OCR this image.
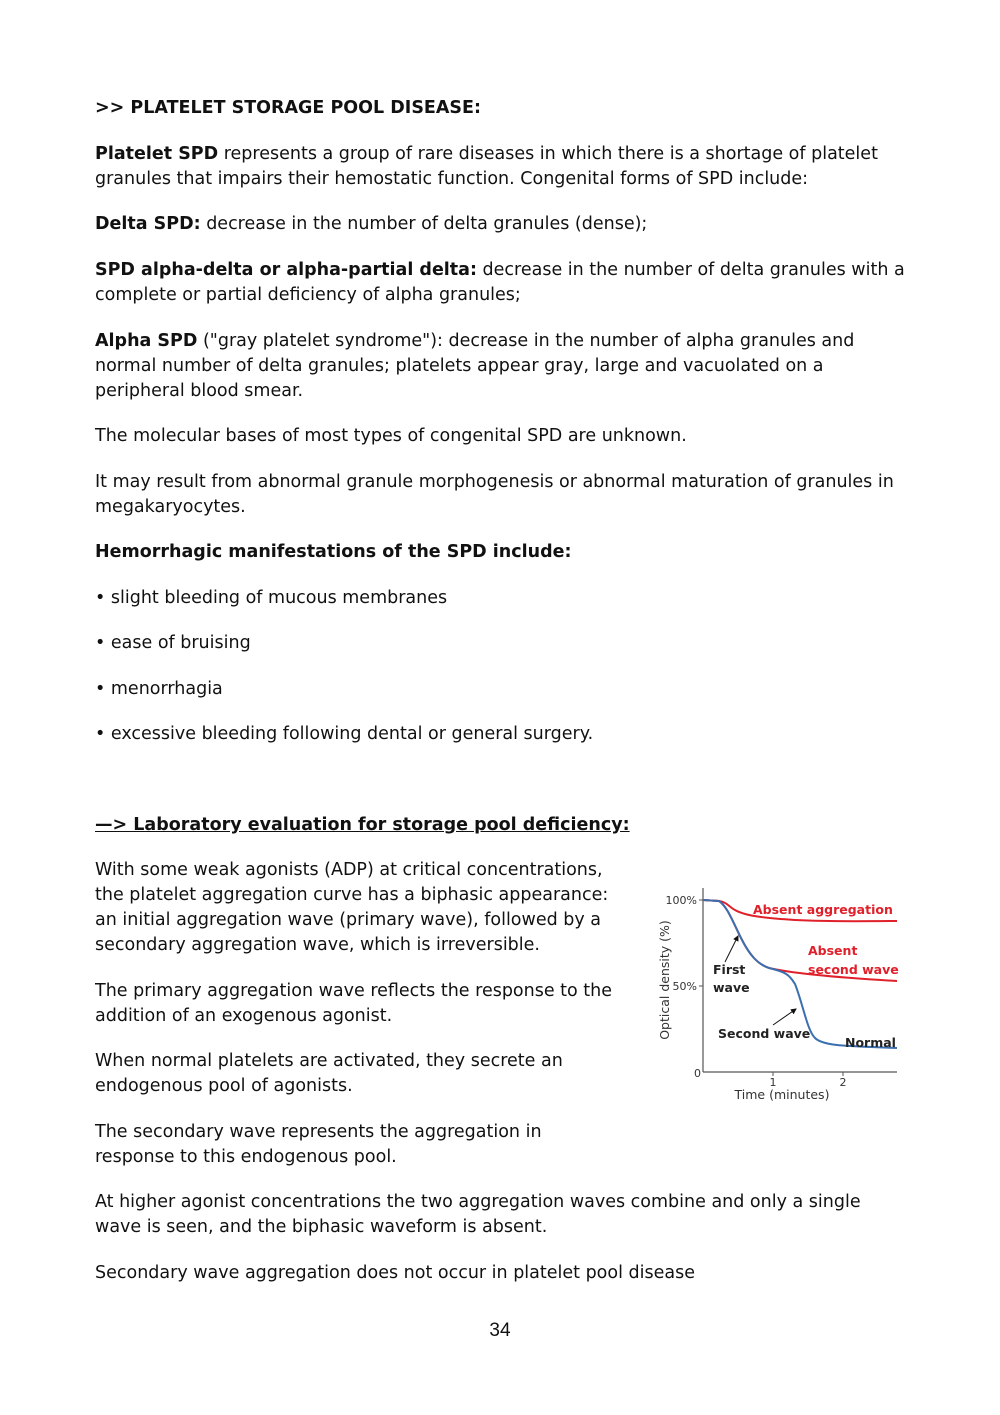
>> PLATELET STORAGE POOL DISEASE:

Platelet SPD represents a group of rare diseases in which there is a shortage of platelet granules that impairs their hemostatic function. Congenital forms of SPD include:

Delta SPD: decrease in the number of delta granules (dense);

SPD alpha-delta or alpha-partial delta: decrease in the number of delta granules with a complete or partial deficiency of alpha granules;

Alpha SPD ("gray platelet syndrome"): decrease in the number of alpha granules and normal number of delta granules; platelets appear gray, large and vacuolated on a peripheral blood smear.

The molecular bases of most types of congenital SPD are unknown.

It may result from abnormal granule morphogenesis or abnormal maturation of granules in megakaryocytes.

Hemorrhagic manifestations of the SPD include:

• slight bleeding of mucous membranes

• ease of bruising

• menorrhagia

• excessive bleeding following dental or general surgery.

—> Laboratory evaluation for storage pool deficiency:

With some weak agonists (ADP) at critical concentrations, the platelet aggregation curve has a biphasic appearance: an initial aggregation wave (primary wave), followed by a secondary aggregation wave, which is irreversible.

The primary aggregation wave reflects the response to the addition of an exogenous agonist.

When normal platelets are activated, they secrete an endogenous pool of agonists.

The secondary wave represents the aggregation in response to this endogenous pool.

At higher agonist concentrations the two aggregation waves combine and only a single wave is seen, and the biphasic waveform is absent.

Secondary wave aggregation does not occur in platelet pool disease

34
100%
50%
0
1	2
Time (minutes)
Optical density (%)
Absent aggregation
Absent
second wave
First
wave
Second wave
Normal
